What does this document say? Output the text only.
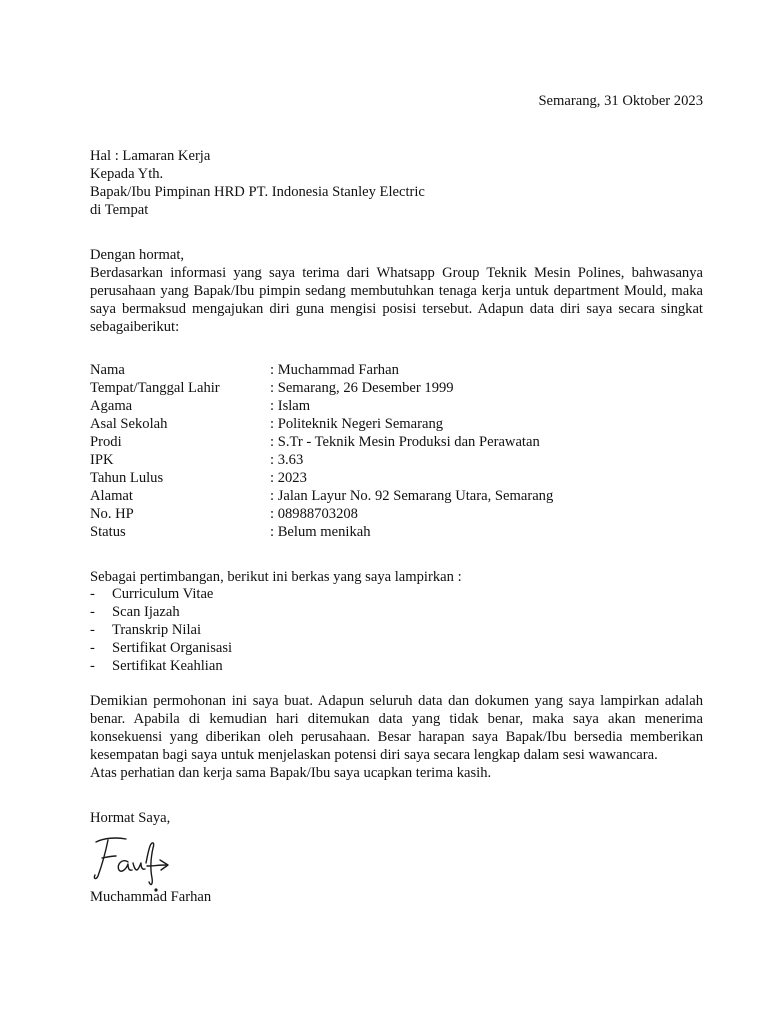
Semarang, 31 Oktober 2023
Hal : Lamaran Kerja
Kepada Yth.
Bapak/Ibu Pimpinan HRD PT. Indonesia Stanley Electric
di Tempat
Dengan hormat,
Berdasarkan informasi yang saya terima dari Whatsapp Group Teknik Mesin Polines, bahwasanya perusahaan yang Bapak/Ibu pimpin sedang membutuhkan tenaga kerja untuk department Mould, maka saya bermaksud mengajukan diri guna mengisi posisi tersebut. Adapun data diri saya secara singkat sebagaiberikut:
Nama	: Muchammad Farhan
Tempat/Tanggal Lahir	: Semarang, 26 Desember 1999
Agama	: Islam
Asal Sekolah	: Politeknik Negeri Semarang
Prodi	: S.Tr - Teknik Mesin Produksi dan Perawatan
IPK	: 3.63
Tahun Lulus	: 2023
Alamat	: Jalan Layur No. 92 Semarang Utara, Semarang
No. HP	: 08988703208
Status	: Belum menikah
Sebagai pertimbangan, berikut ini berkas yang saya lampirkan :
- Curriculum Vitae
- Scan Ijazah
- Transkrip Nilai
- Sertifikat Organisasi
- Sertifikat Keahlian
Demikian permohonan ini saya buat. Adapun seluruh data dan dokumen yang saya lampirkan adalah benar. Apabila di kemudian hari ditemukan data yang tidak benar, maka saya akan menerima konsekuensi yang diberikan oleh perusahaan. Besar harapan saya Bapak/Ibu bersedia memberikan kesempatan bagi saya untuk menjelaskan potensi diri saya secara lengkap dalam sesi wawancara.
Atas perhatian dan kerja sama Bapak/Ibu saya ucapkan terima kasih.
Hormat Saya,
Muchammad Farhan
